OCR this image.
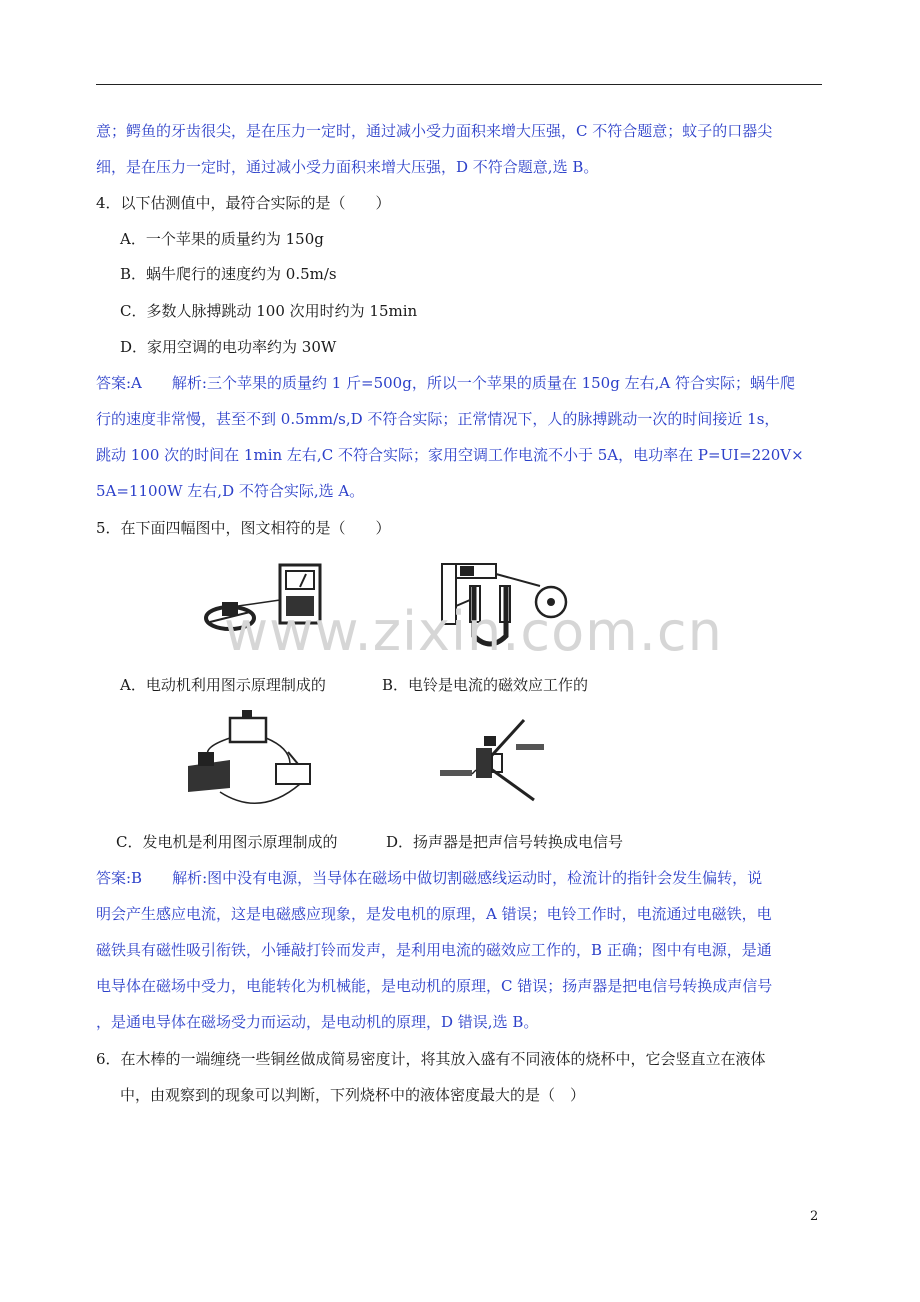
意；鳄鱼的牙齿很尖，是在压力一定时，通过减小受力面积来增大压强，C 不符合题意；蚊子的口器尖
细，是在压力一定时，通过减小受力面积来增大压强，D 不符合题意,选 B。
4．以下估测值中，最符合实际的是（　　）
A．一个苹果的质量约为 150g
B．蜗牛爬行的速度约为 0.5m/s
C．多数人脉搏跳动 100 次用时约为 15min
D．家用空调的电功率约为 30W
答案:A　　解析:三个苹果的质量约 1 斤=500g，所以一个苹果的质量在 150g 左右,A 符合实际；蜗牛爬
行的速度非常慢，甚至不到 0.5mm/s,D 不符合实际；正常情况下，人的脉搏跳动一次的时间接近 1s，
跳动 100 次的时间在 1min 左右,C 不符合实际；家用空调工作电流不小于 5A，电功率在 P=UI=220V×
5A=1100W 左右,D 不符合实际,选 A。
5．在下面四幅图中，图文相符的是（　　）
A．电动机利用图示原理制成的	B．电铃是电流的磁效应工作的
C．发电机是利用图示原理制成的	D．扬声器是把声信号转换成电信号
答案:B　　解析:图中没有电源，当导体在磁场中做切割磁感线运动时，检流计的指针会发生偏转，说
明会产生感应电流，这是电磁感应现象，是发电机的原理，A 错误；电铃工作时，电流通过电磁铁，电
磁铁具有磁性吸引衔铁，小锤敲打铃而发声，是利用电流的磁效应工作的，B 正确；图中有电源，是通
电导体在磁场中受力，电能转化为机械能，是电动机的原理，C 错误；扬声器是把电信号转换成声信号
，是通电导体在磁场受力而运动，是电动机的原理，D 错误,选 B。
6．在木棒的一端缠绕一些铜丝做成简易密度计，将其放入盛有不同液体的烧杯中，它会竖直立在液体
中，由观察到的现象可以判断，下列烧杯中的液体密度最大的是（　）
www.zixin.com.cn
2
